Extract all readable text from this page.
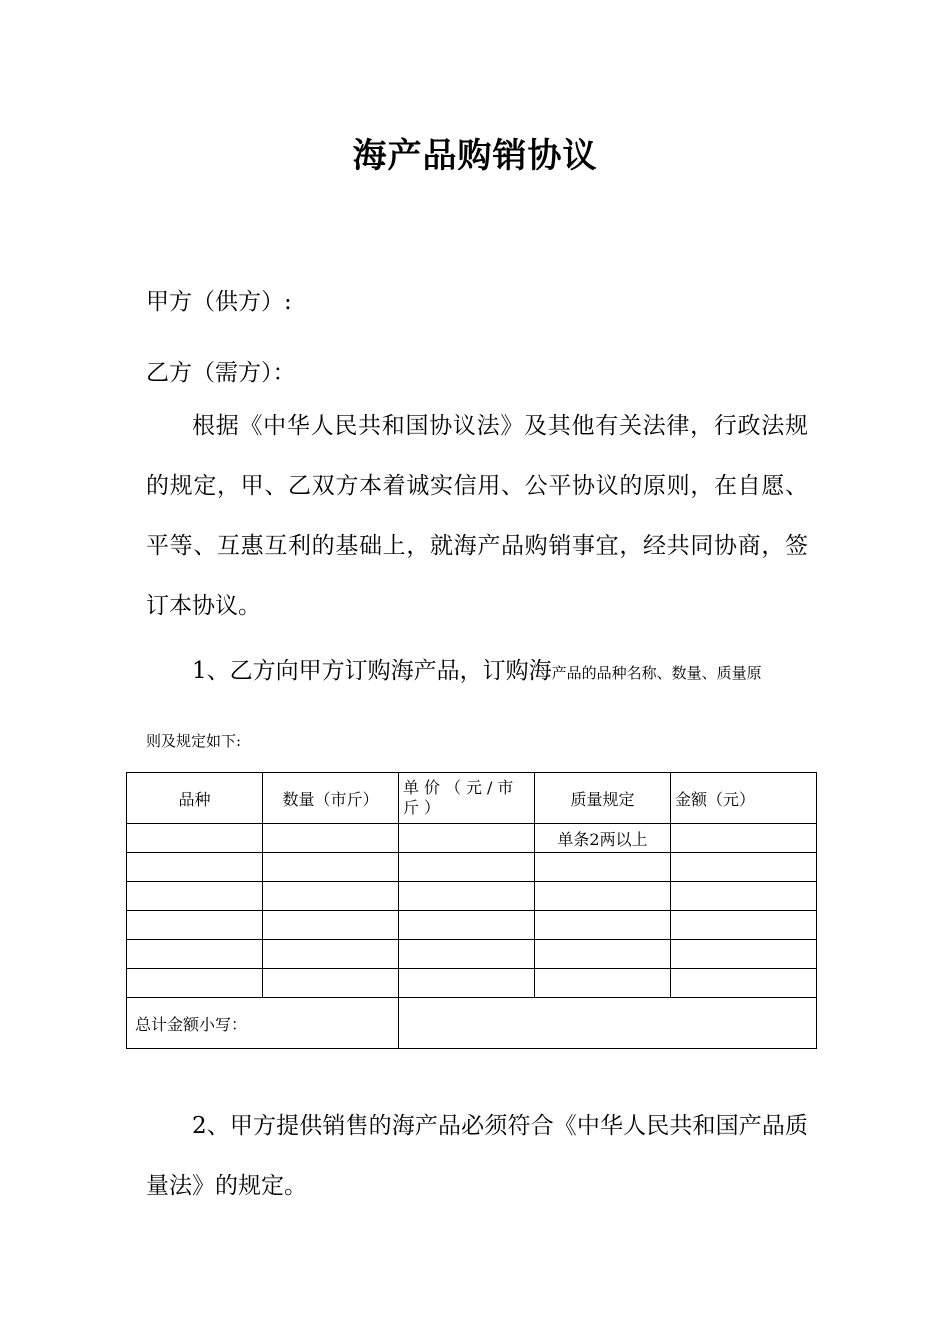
海产品购销协议
甲方（供方）:
乙方（需方）：
根据《中华人民共和国协议法》及其他有关法律，行政法规的规定，甲、乙双方本着诚实信用、公平协议的原则，在自愿、平等、互惠互利的基础上，就海产品购销事宜，经共同协商，签订本协议。
1、乙方向甲方订购海产品，订购海产品的品种名称、数量、质量原
则及规定如下:
品种	数量（市斤）	单价（元/市斤）	质量规定	金额（元）
			单条2两以上	

总计金额小写：				
2、甲方提供销售的海产品必须符合《中华人民共和国产品质量法》的规定。
